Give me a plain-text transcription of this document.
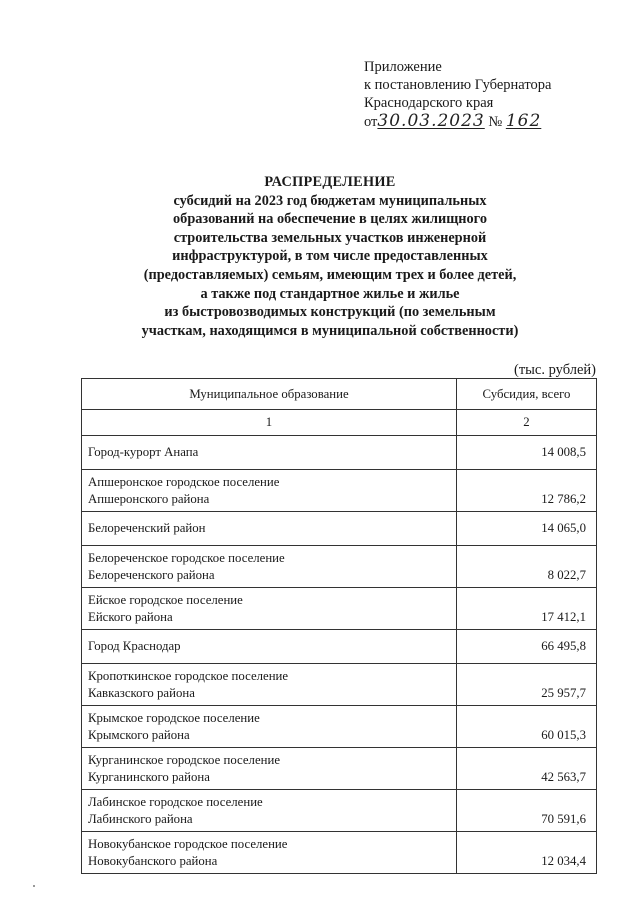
Приложение
к постановлению Губернатора
Краснодарского края
от30.03.2023 № 162
РАСПРЕДЕЛЕНИЕ
субсидий на 2023 год бюджетам муниципальных
образований на обеспечение в целях жилищного
строительства земельных участков инженерной
инфраструктурой, в том числе предоставленных
(предоставляемых) семьям, имеющим трех и более детей,
а также под стандартное жилье и жилье
из быстровозводимых конструкций (по земельным
участкам, находящимся в муниципальной собственности)
(тыс. рублей)
Муниципальное образование	Субсидия, всего
1	2

Город-курорт Анапа	14 008,5

Апшеронское городское поселение
Апшеронского района	12 786,2

Белореченский район	14 065,0

Белореченское городское поселение
Белореченского района	8 022,7

Ейское городское поселение
Ейского района	17 412,1

Город Краснодар	66 495,8

Кропоткинское городское поселение
Кавказского района	25 957,7

Крымское городское поселение
Крымского района	60 015,3

Курганинское городское поселение
Курганинского района	42 563,7

Лабинское городское поселение
Лабинского района	70 591,6

Новокубанское городское поселение
Новокубанского района	12 034,4
